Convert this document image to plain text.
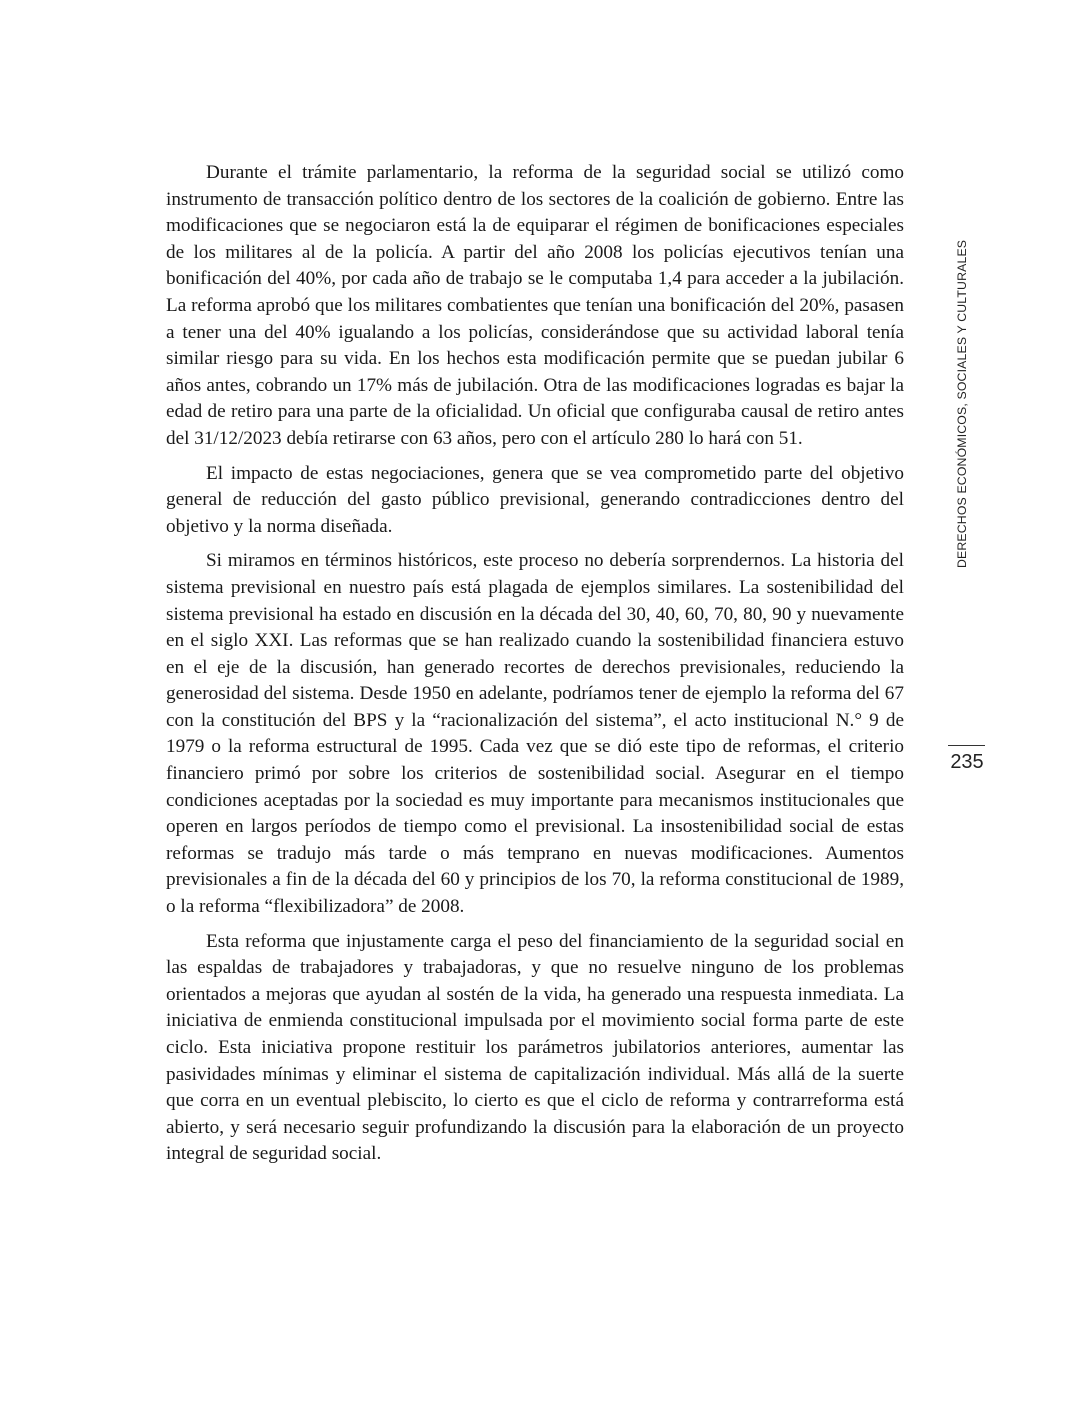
Durante el trámite parlamentario, la reforma de la seguridad social se utilizó como instrumento de transacción político dentro de los sectores de la coalición de gobierno. Entre las modificaciones que se negociaron está la de equiparar el régimen de bonificaciones especiales de los militares al de la policía. A partir del año 2008 los policías ejecutivos tenían una bonificación del 40%, por cada año de trabajo se le computaba 1,4 para acceder a la jubilación. La reforma aprobó que los militares combatientes que tenían una bonificación del 20%, pasasen a tener una del 40% igualando a los policías, considerándose que su actividad laboral tenía similar riesgo para su vida. En los hechos esta modificación permite que se puedan jubilar 6 años antes, cobrando un 17% más de jubilación. Otra de las modificaciones logradas es bajar la edad de retiro para una parte de la oficialidad. Un oficial que configuraba causal de retiro antes del 31/12/2023 debía retirarse con 63 años, pero con el artículo 280 lo hará con 51.

El impacto de estas negociaciones, genera que se vea comprometido parte del objetivo general de reducción del gasto público previsional, generando contradicciones dentro del objetivo y la norma diseñada.

Si miramos en términos históricos, este proceso no debería sorprendernos. La historia del sistema previsional en nuestro país está plagada de ejemplos similares. La sostenibilidad del sistema previsional ha estado en discusión en la década del 30, 40, 60, 70, 80, 90 y nuevamente en el siglo XXI. Las reformas que se han realizado cuando la sostenibilidad financiera estuvo en el eje de la discusión, han generado recortes de derechos previsionales, reduciendo la generosidad del sistema. Desde 1950 en adelante, podríamos tener de ejemplo la reforma del 67 con la constitución del BPS y la “racionalización del sistema”, el acto institucional N.° 9 de 1979 o la reforma estructural de 1995. Cada vez que se dió este tipo de reformas, el criterio financiero primó por sobre los criterios de sostenibilidad social. Asegurar en el tiempo condiciones aceptadas por la sociedad es muy importante para mecanismos institucionales que operen en largos períodos de tiempo como el previsional. La insostenibilidad social de estas reformas se tradujo más tarde o más temprano en nuevas modificaciones. Aumentos previsionales a fin de la década del 60 y principios de los 70, la reforma constitucional de 1989, o la reforma “flexibilizadora” de 2008.

Esta reforma que injustamente carga el peso del financiamiento de la seguridad social en las espaldas de trabajadores y trabajadoras, y que no resuelve ninguno de los problemas orientados a mejoras que ayudan al sostén de la vida, ha generado una respuesta inmediata. La iniciativa de enmienda constitucional impulsada por el movimiento social forma parte de este ciclo. Esta iniciativa propone restituir los parámetros jubilatorios anteriores, aumentar las pasividades mínimas y eliminar el sistema de capitalización individual. Más allá de la suerte que corra en un eventual plebiscito, lo cierto es que el ciclo de reforma y contrarreforma está abierto, y será necesario seguir profundizando la discusión para la elaboración de un proyecto integral de seguridad social.

DERECHOS ECONÓMICOS, SOCIALES Y CULTURALES
235
